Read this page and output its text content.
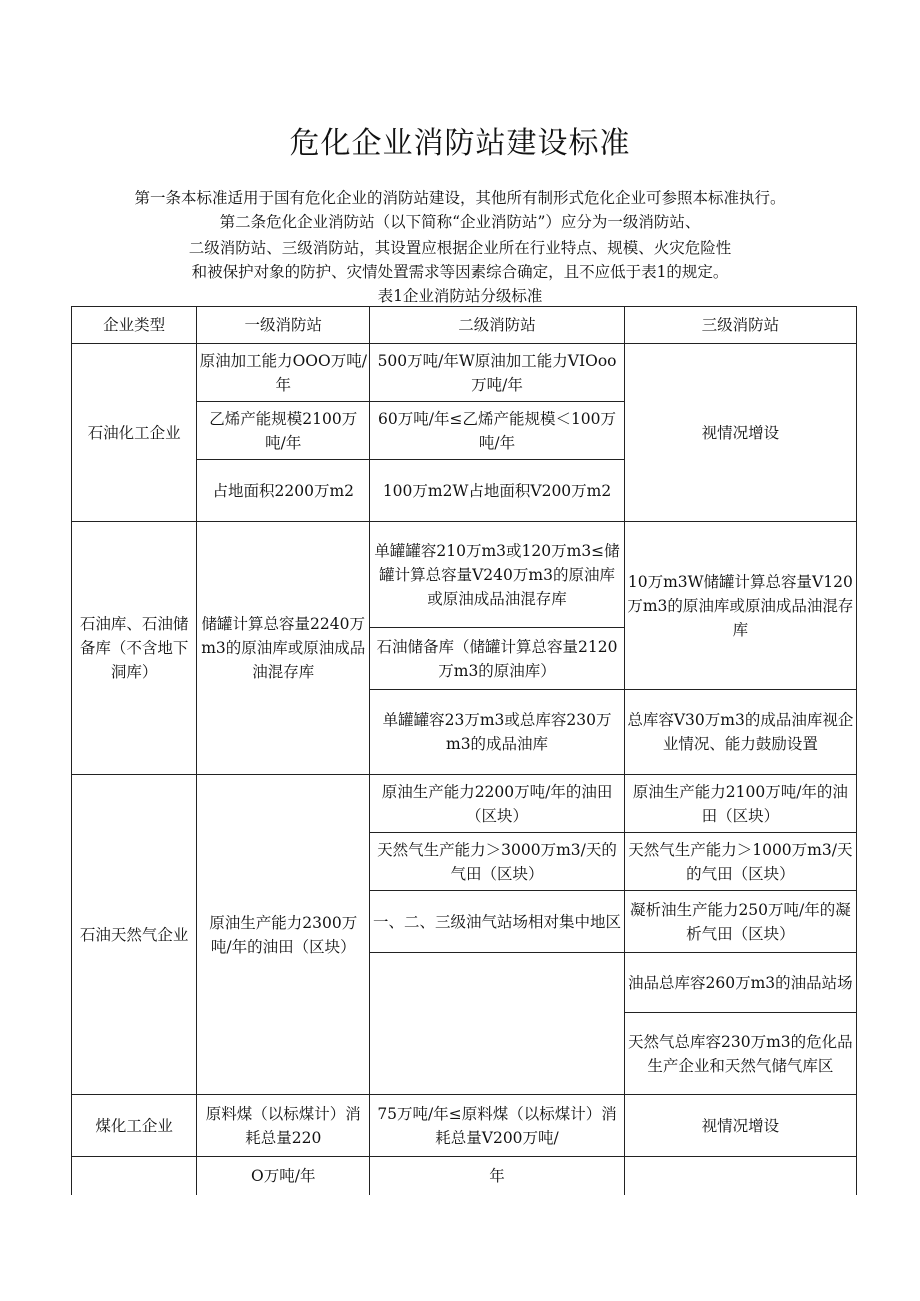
危化企业消防站建设标准
第一条本标准适用于国有危化企业的消防站建设，其他所有制形式危化企业可参照本标准执行。
第二条危化企业消防站（以下简称“企业消防站”）应分为一级消防站、
二级消防站、三级消防站，其设置应根据企业所在行业特点、规模、火灾危险性
和被保护对象的防护、灾情处置需求等因素综合确定，且不应低于表1的规定。
表1企业消防站分级标准
企业类型	一级消防站	二级消防站	三级消防站
石油化工企业	原油加工能力OOO万吨/年	500万吨/年W原油加工能力VIOoo万吨/年	视情况增设
	乙烯产能规模2100万吨/年	60万吨/年≤乙烯产能规模＜100万吨/年	
	占地面积2200万m2	100万m2W占地面积V200万m2	
石油库、石油储备库（不含地下洞库）	储罐计算总容量2240万m3的原油库或原油成品油混存库	单罐罐容210万m3或120万m3≤储罐计算总容量V240万m3的原油库或原油成品油混存库	10万m3W储罐计算总容量V120万m3的原油库或原油成品油混存库
		石油储备库（储罐计算总容量2120万m3的原油库）	
		单罐罐容23万m3或总库容230万m3的成品油库	总库容V30万m3的成品油库视企业情况、能力鼓励设置
石油天然气企业	原油生产能力2300万吨/年的油田（区块）	原油生产能力2200万吨/年的油田（区块）	原油生产能力2100万吨/年的油田（区块）
		天然气生产能力＞3000万m3/天的气田（区块）	天然气生产能力＞1000万m3/天的气田（区块）
		一、二、三级油气站场相对集中地区	凝析油生产能力250万吨/年的凝析气田（区块）
			油品总库容260万m3的油品站场
			天然气总库容230万m3的危化品生产企业和天然气储气库区
煤化工企业	原料煤（以标煤计）消耗总量220	75万吨/年≤原料煤（以标煤计）消耗总量V200万吨/	视情况增设
	O万吨/年	年	
